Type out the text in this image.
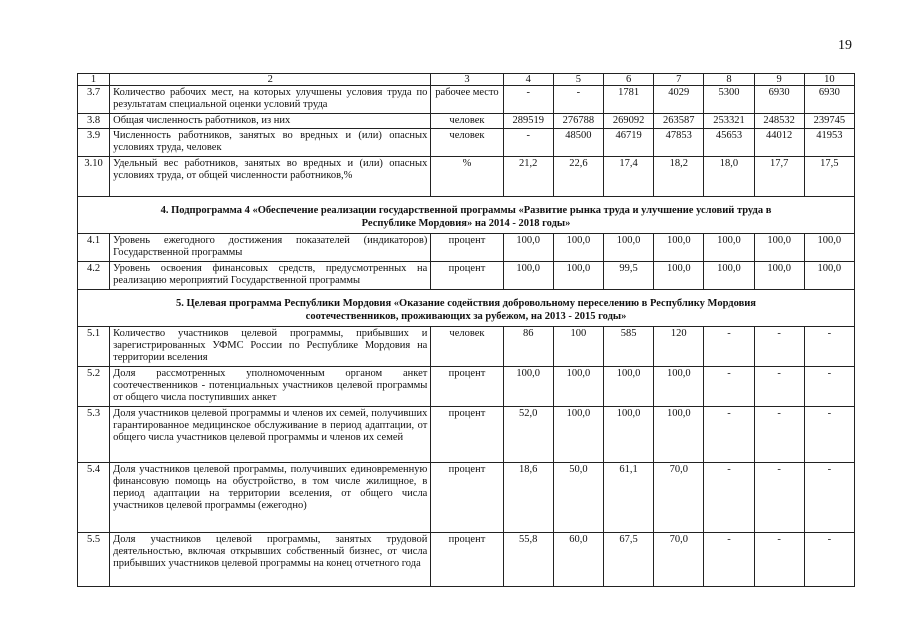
19
1	2	3	4	5	6	7	8	9	10
3.7	Количество рабочих мест, на которых улучшены условия труда по результатам специальной оценки условий труда	рабочее место	-	-	1781	4029	5300	6930	6930
3.8	Общая численность работников, из них	человек	289519	276788	269092	263587	253321	248532	239745
3.9	Численность работников, занятых во вредных и (или) опасных условиях труда, человек	человек	-	48500	46719	47853	45653	44012	41953
3.10	Удельный вес работников, занятых во вредных и (или) опасных условиях труда, от общей численности работников,%	%	21,2	22,6	17,4	18,2	18,0	17,7	17,5
4. Подпрограмма 4 «Обеспечение реализации государственной программы «Развитие рынка труда и улучшение условий труда в Республике Мордовия» на 2014 - 2018 годы»									
4.1	Уровень ежегодного достижения показателей (индикаторов) Государственной программы	процент	100,0	100,0	100,0	100,0	100,0	100,0	100,0
4.2	Уровень освоения финансовых средств, предусмотренных на реализацию мероприятий Государственной программы	процент	100,0	100,0	99,5	100,0	100,0	100,0	100,0
5. Целевая программа Республики Мордовия «Оказание содействия добровольному переселению в Республику Мордовия соотечественников, проживающих за рубежом, на 2013 - 2015 годы»									
5.1	Количество участников целевой программы, прибывших и зарегистрированных УФМС России по Республике Мордовия на территории вселения	человек	86	100	585	120	-	-	-
5.2	Доля рассмотренных уполномоченным органом анкет соотечественников - потенциальных участников целевой программы от общего числа поступивших анкет	процент	100,0	100,0	100,0	100,0	-	-	-
5.3	Доля участников целевой программы и членов их семей, получивших гарантированное медицинское обслуживание в период адаптации, от общего числа участников целевой программы и членов их семей	процент	52,0	100,0	100,0	100,0	-	-	-
5.4	Доля участников целевой программы, получивших единовременную финансовую помощь на обустройство, в том числе жилищное, в период адаптации на территории вселения, от общего числа участников целевой программы (ежегодно)	процент	18,6	50,0	61,1	70,0	-	-	-
5.5	Доля участников целевой программы, занятых трудовой деятельностью, включая открывших собственный бизнес, от числа прибывших участников целевой программы на конец отчетного года	процент	55,8	60,0	67,5	70,0	-	-	-
